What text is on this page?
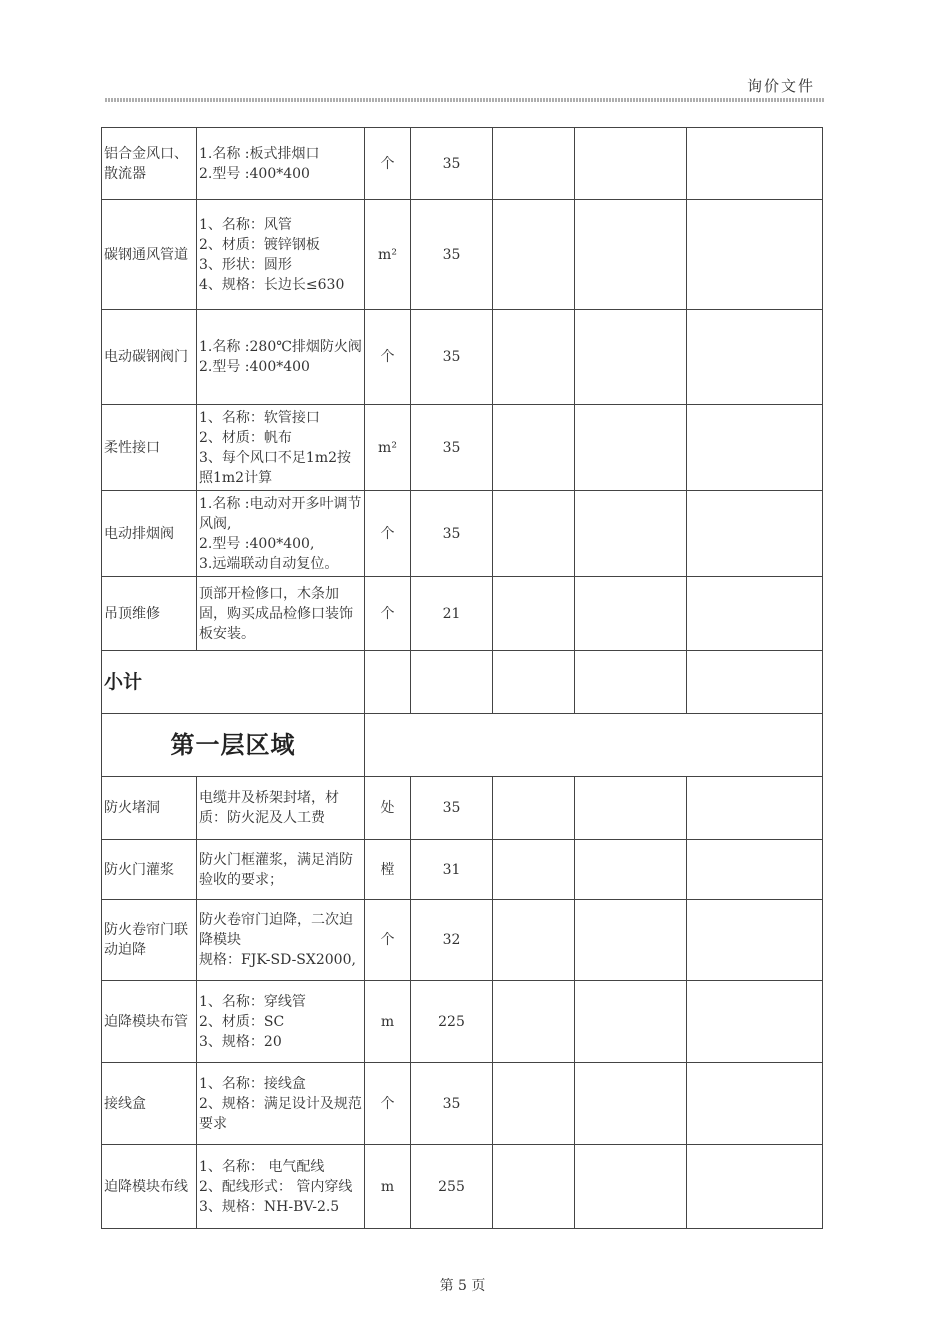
询价文件
铝合金风口、散流器	1.名称 :板式排烟口
2.型号 :400*400	个	35			
碳钢通风管道	1、名称：风管
2、材质：镀锌钢板
3、形状：圆形
4、规格：长边长≤630	m²	35			
电动碳钢阀门	1.名称 :280℃排烟防火阀
2.型号 :400*400	个	35			
柔性接口	1、名称：软管接口
2、材质：帆布
3、每个风口不足1m2按照1m2计算	m²	35			
电动排烟阀	1.名称 :电动对开多叶调节风阀,
2.型号 :400*400,
3.远端联动自动复位。	个	35			
吊顶维修	顶部开检修口，木条加固，购买成品检修口装饰板安装。	个	21			
小计						
第一层区域						
防火堵洞	电缆井及桥架封堵，材质：防火泥及人工费	处	35			
防火门灌浆	防火门框灌浆，满足消防验收的要求；	樘	31			
防火卷帘门联动迫降	防火卷帘门迫降，二次迫降模块
规格：FJK-SD-SX2000,	个	32			
迫降模块布管	1、名称：穿线管
2、材质：SC
3、规格：20	m	225			
接线盒	1、名称：接线盒
2、规格：满足设计及规范要求	个	35			
迫降模块布线	1、名称： 电气配线
2、配线形式： 管内穿线
3、规格：NH-BV-2.5	m	255			
第 5 页
